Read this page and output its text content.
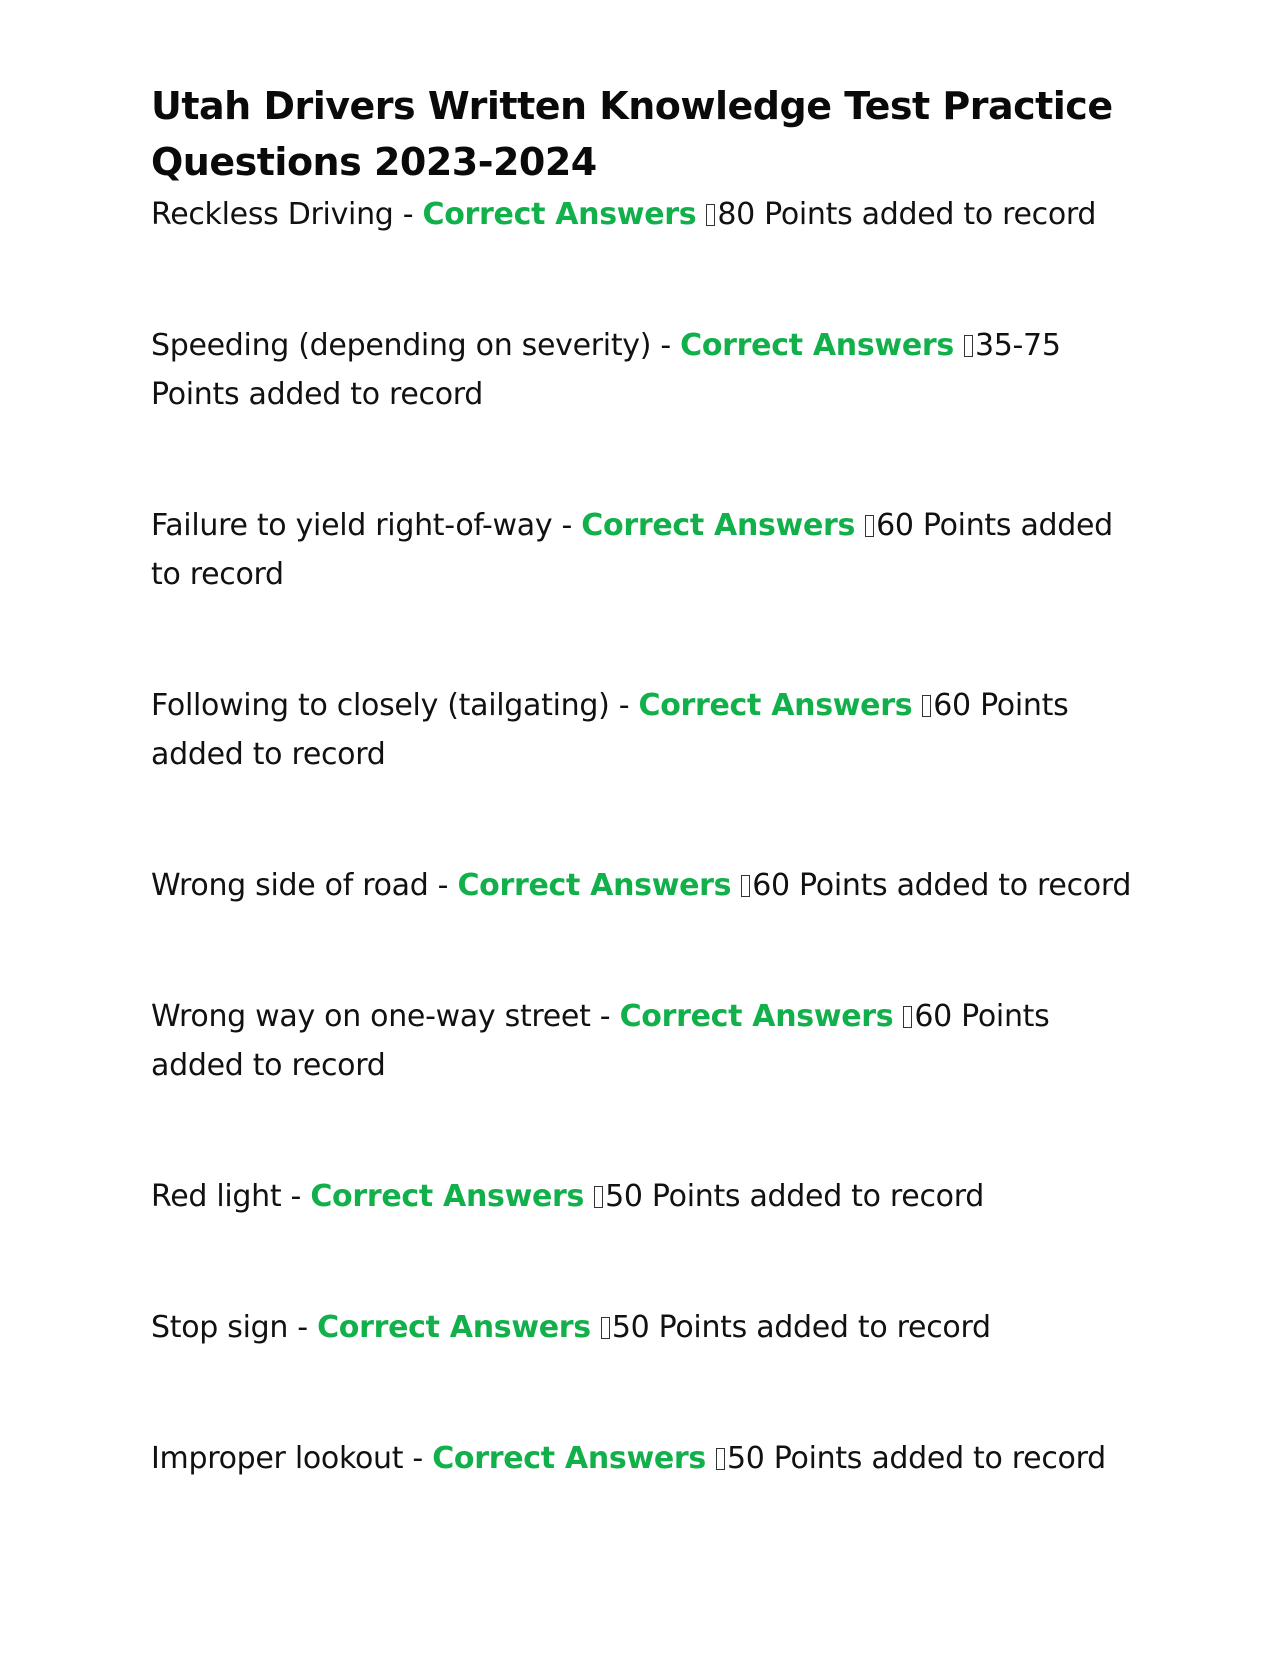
Utah Drivers Written Knowledge Test Practice Questions 2023-2024

Reckless Driving - Correct Answers 80 Points added to record

Speeding (depending on severity) - Correct Answers 35-75 Points added to record

Failure to yield right-of-way - Correct Answers 60 Points added to record

Following to closely (tailgating) - Correct Answers 60 Points added to record

Wrong side of road - Correct Answers 60 Points added to record

Wrong way on one-way street - Correct Answers 60 Points added to record

Red light - Correct Answers 50 Points added to record

Stop sign - Correct Answers 50 Points added to record

Improper lookout - Correct Answers 50 Points added to record
